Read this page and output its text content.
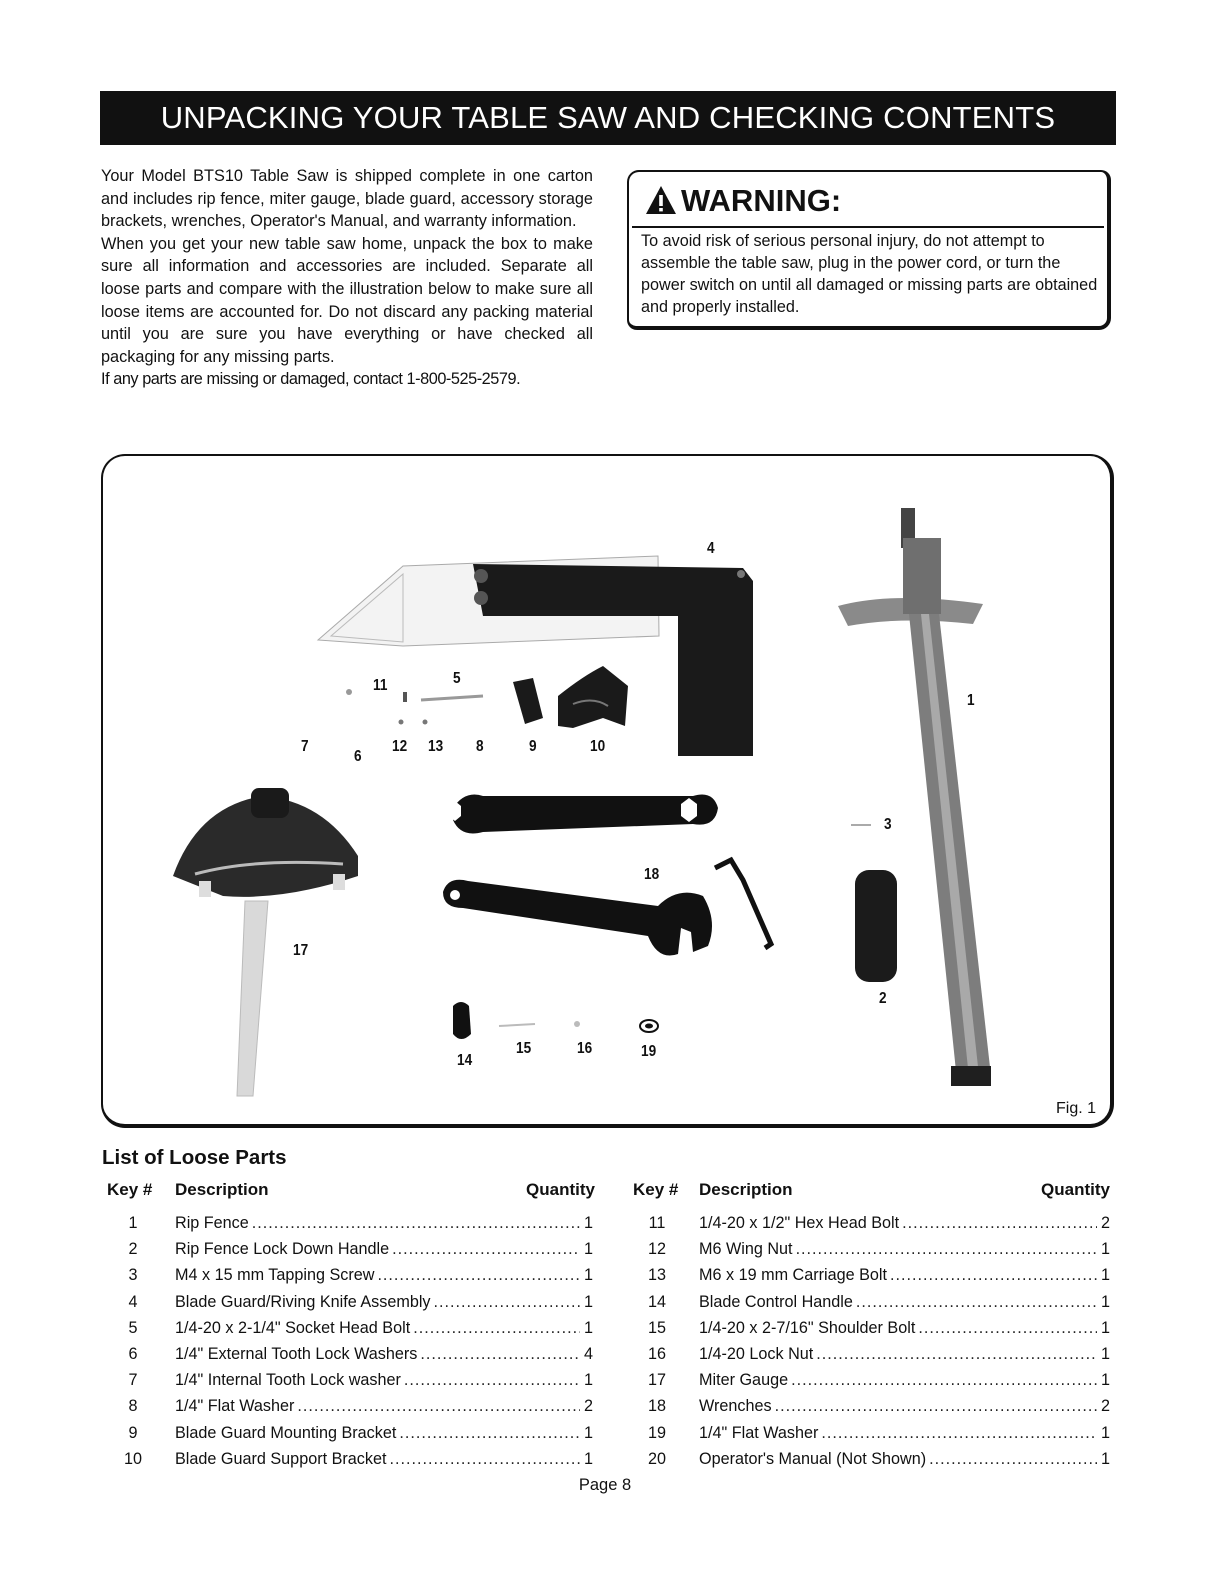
UNPACKING YOUR TABLE SAW AND CHECKING CONTENTS

Your Model BTS10 Table Saw is shipped complete in one carton and includes rip fence, miter gauge, blade guard, accessory storage brackets, wrenches, Operator's Manual, and warranty information.

When you get your new table saw home, unpack the box to make sure all information and accessories are included. Separate all loose parts and compare with the illustration below to make sure all loose items are accounted for. Do not discard any packing material until you are sure you have everything or have checked all packaging for any missing parts.

If any parts are missing or damaged, contact 1-800-525-2579.

WARNING:
To avoid risk of serious personal injury, do not attempt to assemble the table saw, plug in the power cord, or turn the power switch on until all damaged or missing parts are obtained and properly installed.
4
5
11
1
7
6
12 13 8	9	10
3
18
17
2
15	16	19
14
Fig. 1
List of Loose Parts
Key # Description	Quantity
1	Rip Fence .....	1
2	Rip Fence Lock Down Handle .....	1
3	M4 x 15 mm Tapping Screw .....	1
4	Blade Guard/Riving Knife Assembly .....	1
5	1/4-20 x 2-1/4" Socket Head Bolt .....	1
6	1/4" External Tooth Lock Washers .....	4
7	1/4" Internal Tooth Lock washer .....	1
8	1/4" Flat Washer .....	2
9	Blade Guard Mounting Bracket .....	1
10	Blade Guard Support Bracket .....	1
Key # Description	Quantity
11	1/4-20 x 1/2" Hex Head Bolt .....	2
12	M6 Wing Nut .....	1
13	M6 x 19 mm Carriage Bolt .....	1
14	Blade Control Handle .....	1
15	1/4-20 x 2-7/16" Shoulder Bolt .....	1
16	1/4-20 Lock Nut .....	1
17	Miter Gauge .....	1
18	Wrenches .....	2
19	1/4" Flat Washer .....	1
20	Operator's Manual (Not Shown) .....	1
Page 8
